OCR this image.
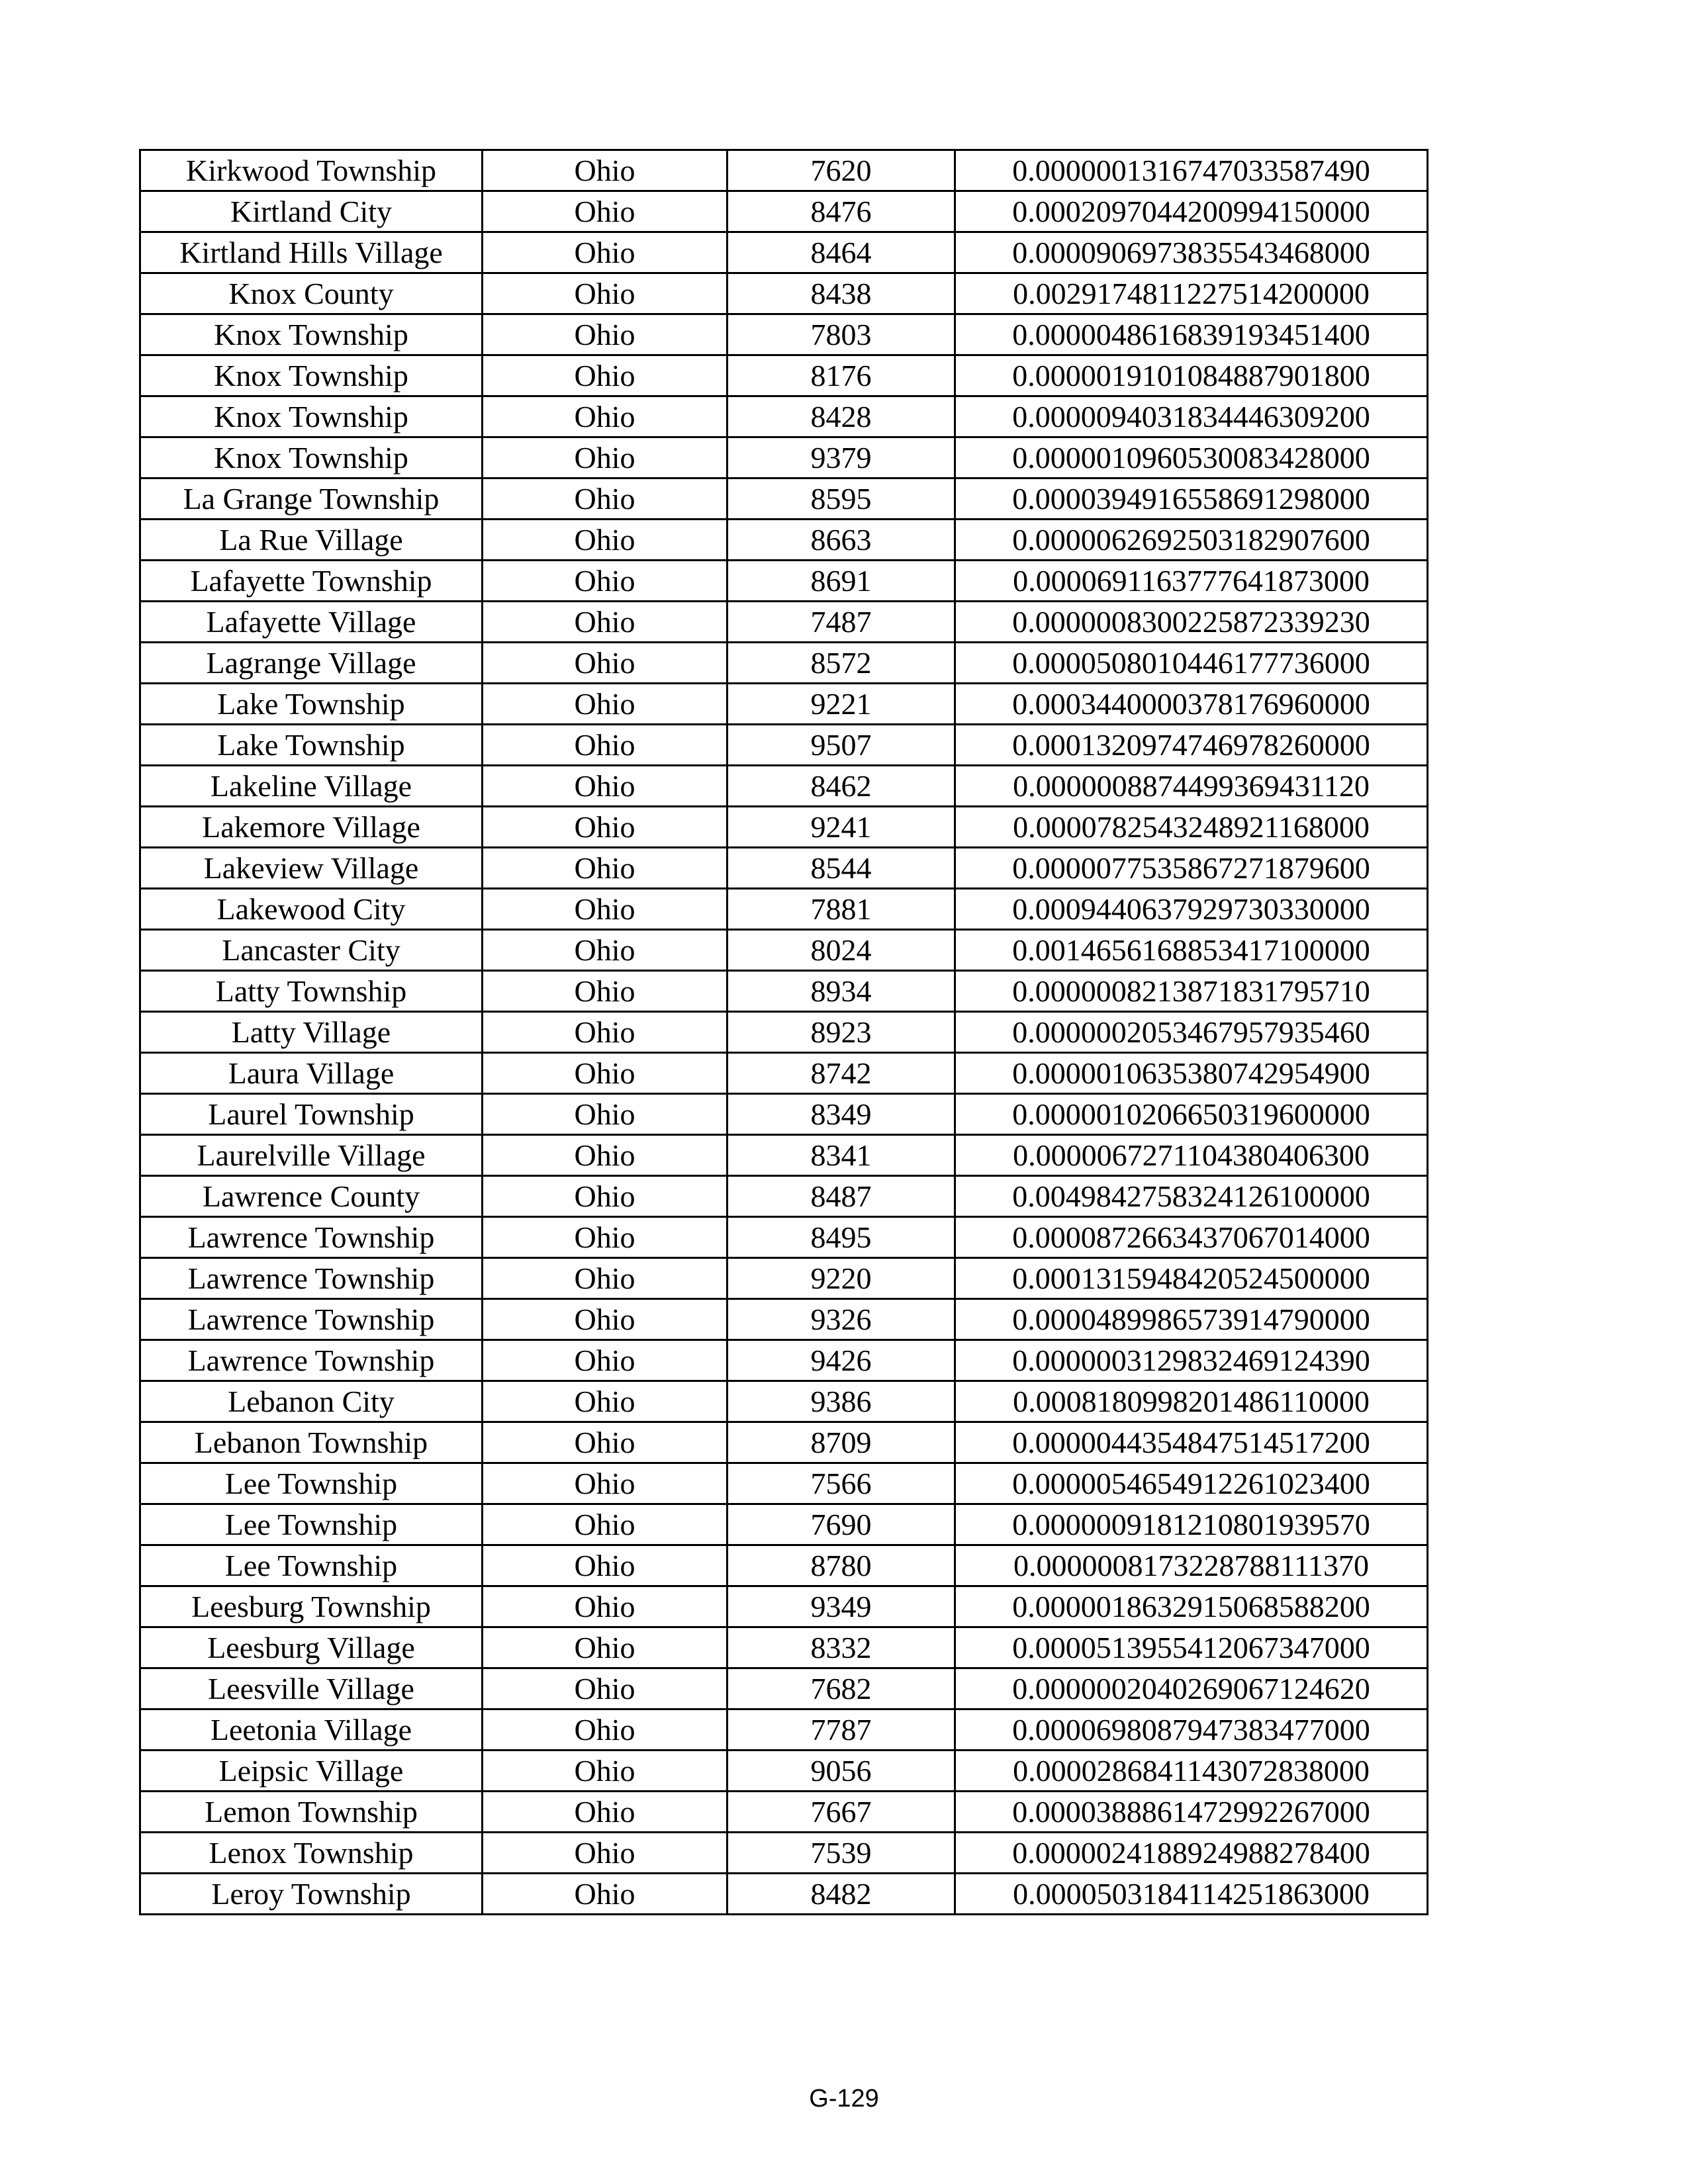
Kirkwood Township	Ohio	7620	0.0000001316747033587490
Kirtland City	Ohio	8476	0.0002097044200994150000
Kirtland Hills Village	Ohio	8464	0.0000906973835543468000
Knox County	Ohio	8438	0.0029174811227514200000
Knox Township	Ohio	7803	0.0000048616839193451400
Knox Township	Ohio	8176	0.0000019101084887901800
Knox Township	Ohio	8428	0.0000094031834446309200
Knox Township	Ohio	9379	0.0000010960530083428000
La Grange Township	Ohio	8595	0.0000394916558691298000
La Rue Village	Ohio	8663	0.0000062692503182907600
Lafayette Township	Ohio	8691	0.0000691163777641873000
Lafayette Village	Ohio	7487	0.0000008300225872339230
Lagrange Village	Ohio	8572	0.0000508010446177736000
Lake Township	Ohio	9221	0.0003440000378176960000
Lake Township	Ohio	9507	0.0001320974746978260000
Lakeline Village	Ohio	8462	0.0000008874499369431120
Lakemore Village	Ohio	9241	0.0000782543248921168000
Lakeview Village	Ohio	8544	0.0000077535867271879600
Lakewood City	Ohio	7881	0.0009440637929730330000
Lancaster City	Ohio	8024	0.0014656168853417100000
Latty Township	Ohio	8934	0.0000008213871831795710
Latty Village	Ohio	8923	0.0000002053467957935460
Laura Village	Ohio	8742	0.0000010635380742954900
Laurel Township	Ohio	8349	0.0000010206650319600000
Laurelville Village	Ohio	8341	0.0000067271104380406300
Lawrence County	Ohio	8487	0.0049842758324126100000
Lawrence Township	Ohio	8495	0.0000872663437067014000
Lawrence Township	Ohio	9220	0.0001315948420524500000
Lawrence Township	Ohio	9326	0.0000489986573914790000
Lawrence Township	Ohio	9426	0.0000003129832469124390
Lebanon City	Ohio	9386	0.0008180998201486110000
Lebanon Township	Ohio	8709	0.0000044354847514517200
Lee Township	Ohio	7566	0.0000054654912261023400
Lee Township	Ohio	7690	0.0000009181210801939570
Lee Township	Ohio	8780	0.0000008173228788111370
Leesburg Township	Ohio	9349	0.0000018632915068588200
Leesburg Village	Ohio	8332	0.0000513955412067347000
Leesville Village	Ohio	7682	0.0000002040269067124620
Leetonia Village	Ohio	7787	0.0000698087947383477000
Leipsic Village	Ohio	9056	0.0000286841143072838000
Lemon Township	Ohio	7667	0.0000388861472992267000
Lenox Township	Ohio	7539	0.0000024188924988278400
Leroy Township	Ohio	8482	0.0000503184114251863000
G-129
